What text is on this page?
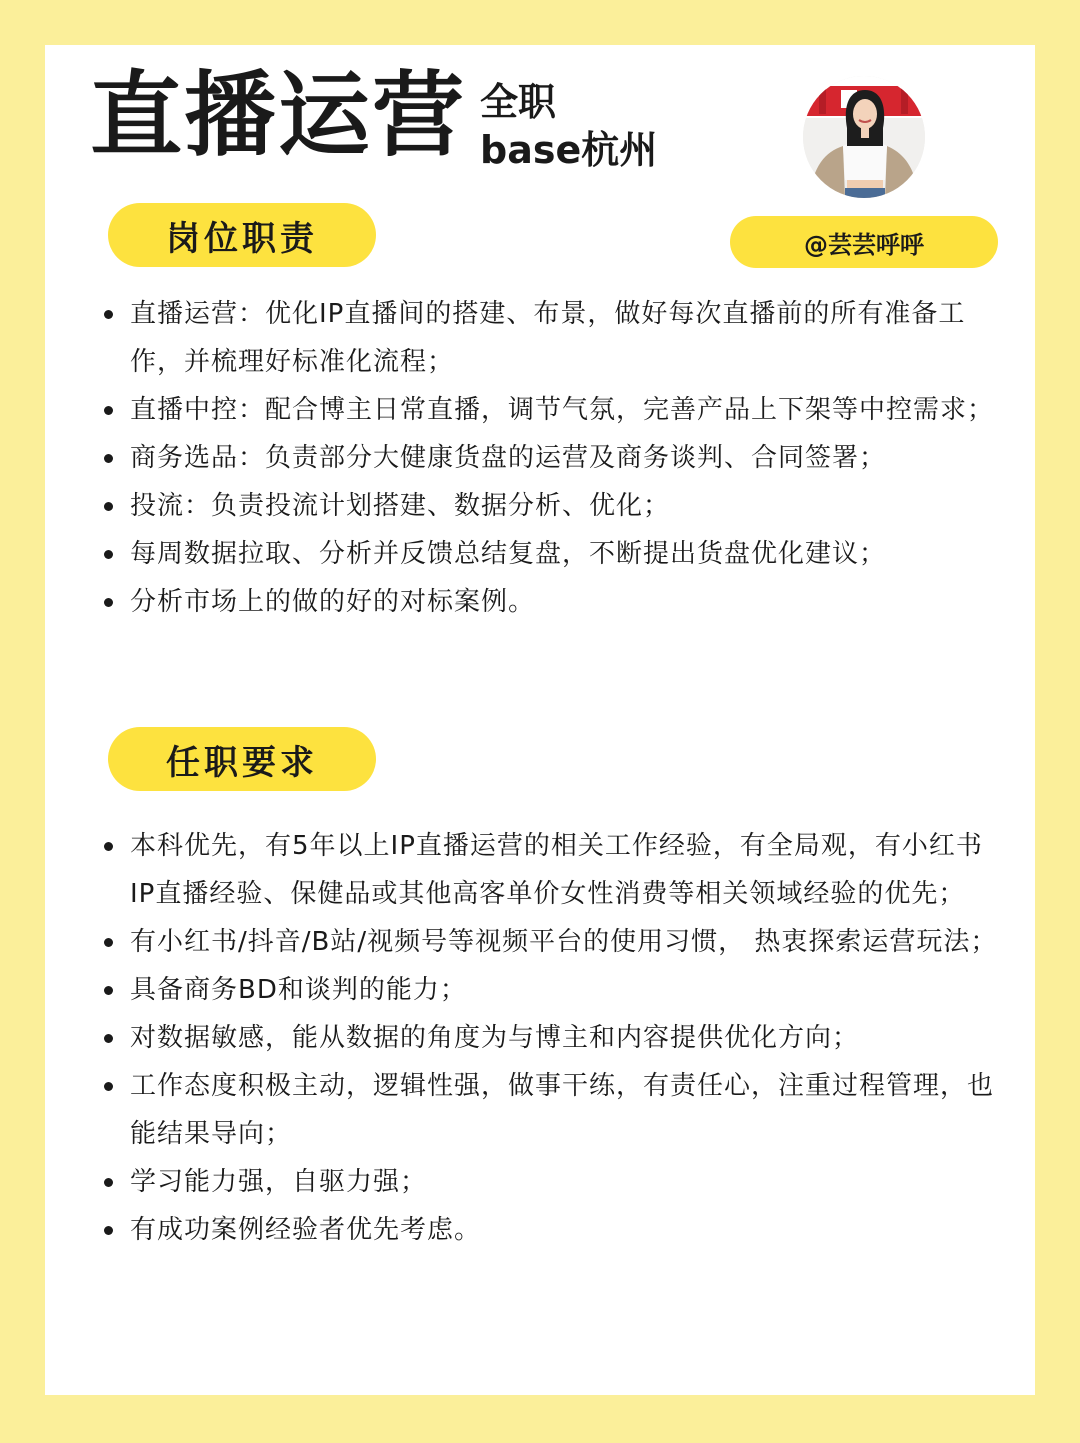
直播运营 全职
base杭州
@芸芸呼呼
岗位职责
直播运营：优化IP直播间的搭建、布景，做好每次直播前的所有准备工作，并梳理好标准化流程；
直播中控：配合博主日常直播，调节气氛，完善产品上下架等中控需求；
商务选品：负责部分大健康货盘的运营及商务谈判、合同签署；
投流：负责投流计划搭建、数据分析、优化；
每周数据拉取、分析并反馈总结复盘，不断提出货盘优化建议；
分析市场上的做的好的对标案例。
任职要求
本科优先，有5年以上IP直播运营的相关工作经验，有全局观，有小红书IP直播经验、保健品或其他高客单价女性消费等相关领域经验的优先；
有小红书/抖音/B站/视频号等视频平台的使用习惯， 热衷探索运营玩法；
具备商务BD和谈判的能力；
对数据敏感，能从数据的角度为与博主和内容提供优化方向；
工作态度积极主动，逻辑性强，做事干练，有责任心，注重过程管理，也能结果导向；
学习能力强，自驱力强；
有成功案例经验者优先考虑。
